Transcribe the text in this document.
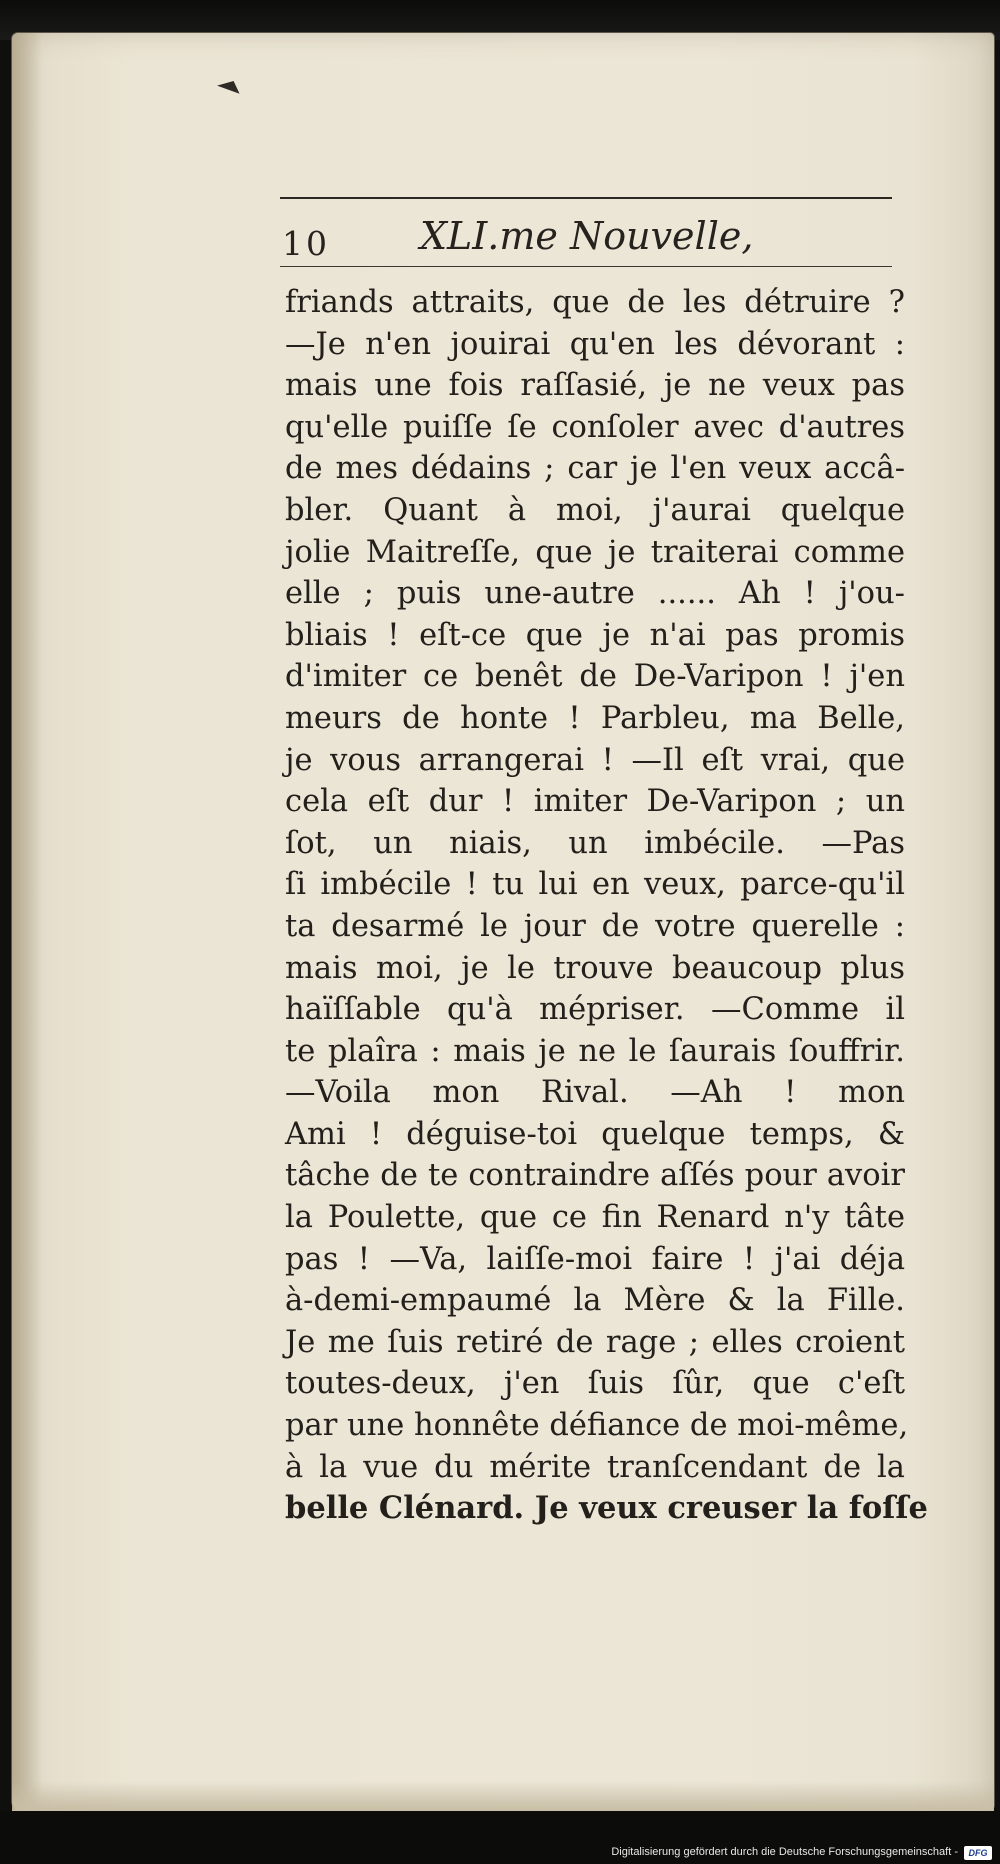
10 XLI.me Nouvelle,
friands attraits, que de les détruire ?
—Je n'en jouirai qu'en les dévorant :
mais une fois raſſasié, je ne veux pas
qu'elle puiſſe ſe conſoler avec d'autres
de mes dédains ; car je l'en veux accâ-
bler. Quant à moi, j'aurai quelque
jolie Maitreſſe, que je traiterai comme
elle ; puis une-autre ...... Ah ! j'ou-
bliais ! eſt-ce que je n'ai pas promis
d'imiter ce benêt de De-Varipon ! j'en
meurs de honte ! Parbleu, ma Belle,
je vous arrangerai ! —Il eſt vrai, que
cela eſt dur ! imiter De-Varipon ; un
ſot, un niais, un imbécile. —Pas
ſi imbécile ! tu lui en veux, parce-qu'il
ta desarmé le jour de votre querelle :
mais moi, je le trouve beaucoup plus
haïſſable qu'à mépriser. —Comme il
te plaîra : mais je ne le ſaurais ſouffrir.
—Voila mon Rival. —Ah ! mon
Ami ! déguise-toi quelque temps, &
tâche de te contraindre aſſés pour avoir
la Poulette, que ce fin Renard n'y tâte
pas ! —Va, laiſſe-moi faire ! j'ai déja
à-demi-empaumé la Mère & la Fille.
Je me ſuis retiré de rage ; elles croient
toutes-deux, j'en ſuis ſûr, que c'eſt
par une honnête défiance de moi-même,
à la vue du mérite tranſcendant de la
belle Clénard. Je veux creuser la foſſe
Digitalisierung gefördert durch die Deutsche Forschungsgemeinschaft -	DFG
